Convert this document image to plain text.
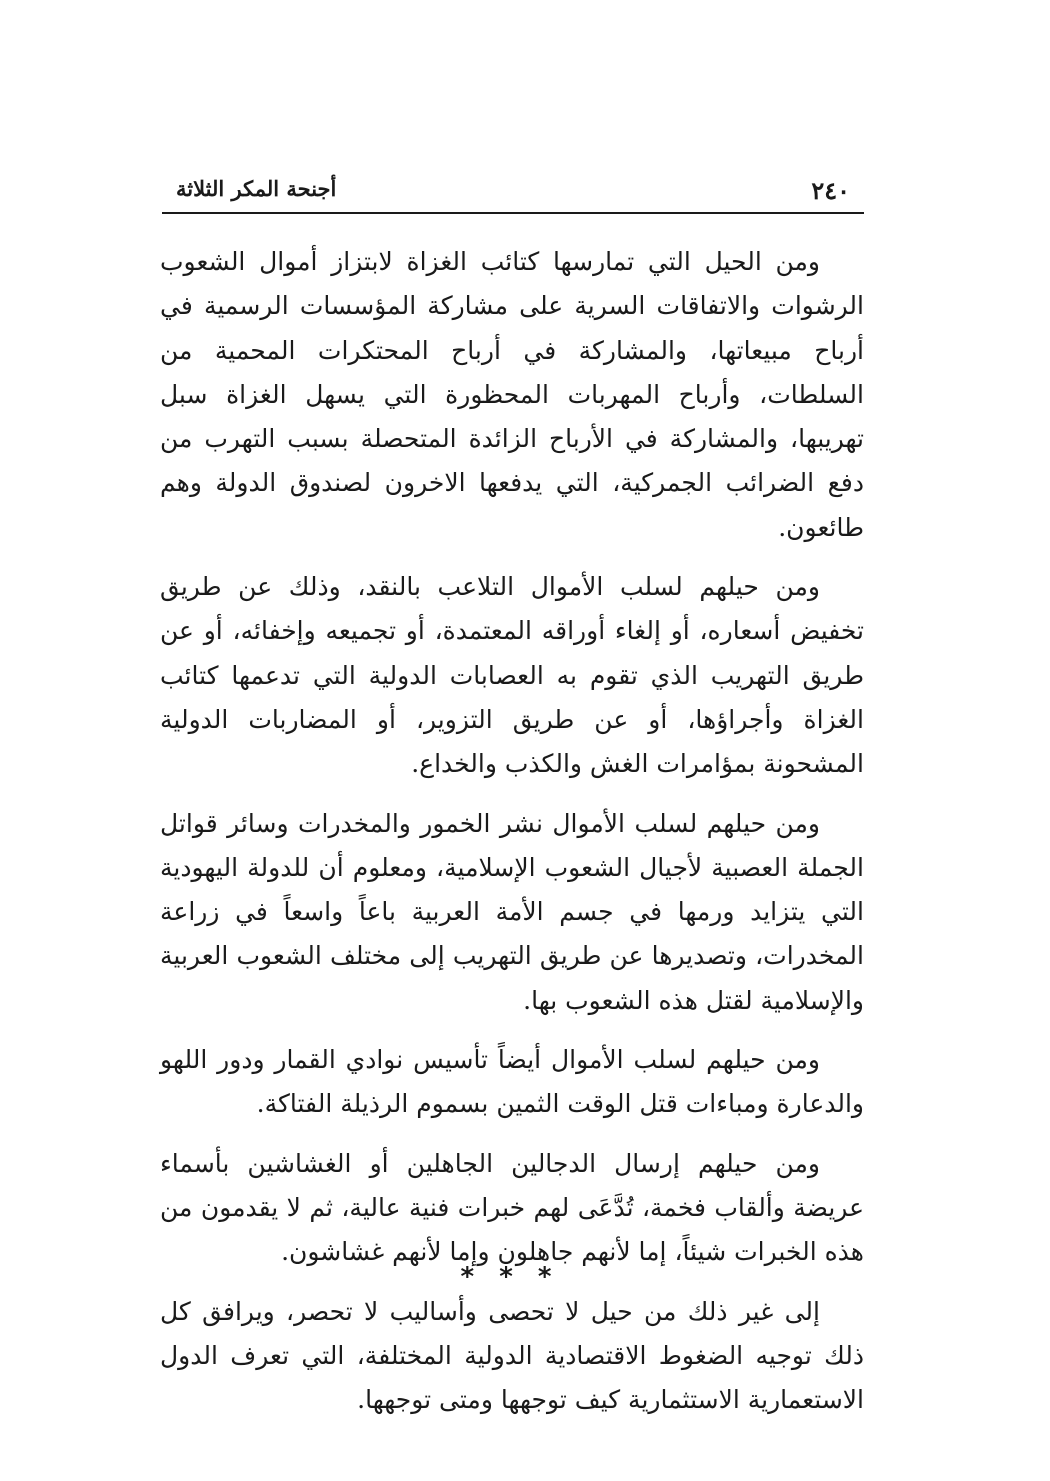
٢٤٠
أجنحة المكر الثلاثة

ومن الحيل التي تمارسها كتائب الغزاة لابتزاز أموال الشعوب الرشوات والاتفاقات السرية على مشاركة المؤسسات الرسمية في أرباح مبيعاتها، والمشاركة في أرباح المحتكرات المحمية من السلطات، وأرباح المهربات المحظورة التي يسهل الغزاة سبل تهريبها، والمشاركة في الأرباح الزائدة المتحصلة بسبب التهرب من دفع الضرائب الجمركية، التي يدفعها الاخرون لصندوق الدولة وهم طائعون.

ومن حيلهم لسلب الأموال التلاعب بالنقد، وذلك عن طريق تخفيض أسعاره، أو إلغاء أوراقه المعتمدة، أو تجميعه وإخفائه، أو عن طريق التهريب الذي تقوم به العصابات الدولية التي تدعمها كتائب الغزاة وأجراؤها، أو عن طريق التزوير، أو المضاربات الدولية المشحونة بمؤامرات الغش والكذب والخداع.

ومن حيلهم لسلب الأموال نشر الخمور والمخدرات وسائر قواتل الجملة العصبية لأجيال الشعوب الإسلامية، ومعلوم أن للدولة اليهودية التي يتزايد ورمها في جسم الأمة العربية باعاً واسعاً في زراعة المخدرات، وتصديرها عن طريق التهريب إلى مختلف الشعوب العربية والإسلامية لقتل هذه الشعوب بها.

ومن حيلهم لسلب الأموال أيضاً تأسيس نوادي القمار ودور اللهو والدعارة ومباءات قتل الوقت الثمين بسموم الرذيلة الفتاكة.

ومن حيلهم إرسال الدجالين الجاهلين أو الغشاشين بأسماء عريضة وألقاب فخمة، تُدَّعَى لهم خبرات فنية عالية، ثم لا يقدمون من هذه الخبرات شيئاً، إما لأنهم جاهلون وإما لأنهم غشاشون.

إلى غير ذلك من حيل لا تحصى وأساليب لا تحصر، ويرافق كل ذلك توجيه الضغوط الاقتصادية الدولية المختلفة، التي تعرف الدول الاستعمارية الاستثمارية كيف توجهها ومتى توجهها.

* * *
